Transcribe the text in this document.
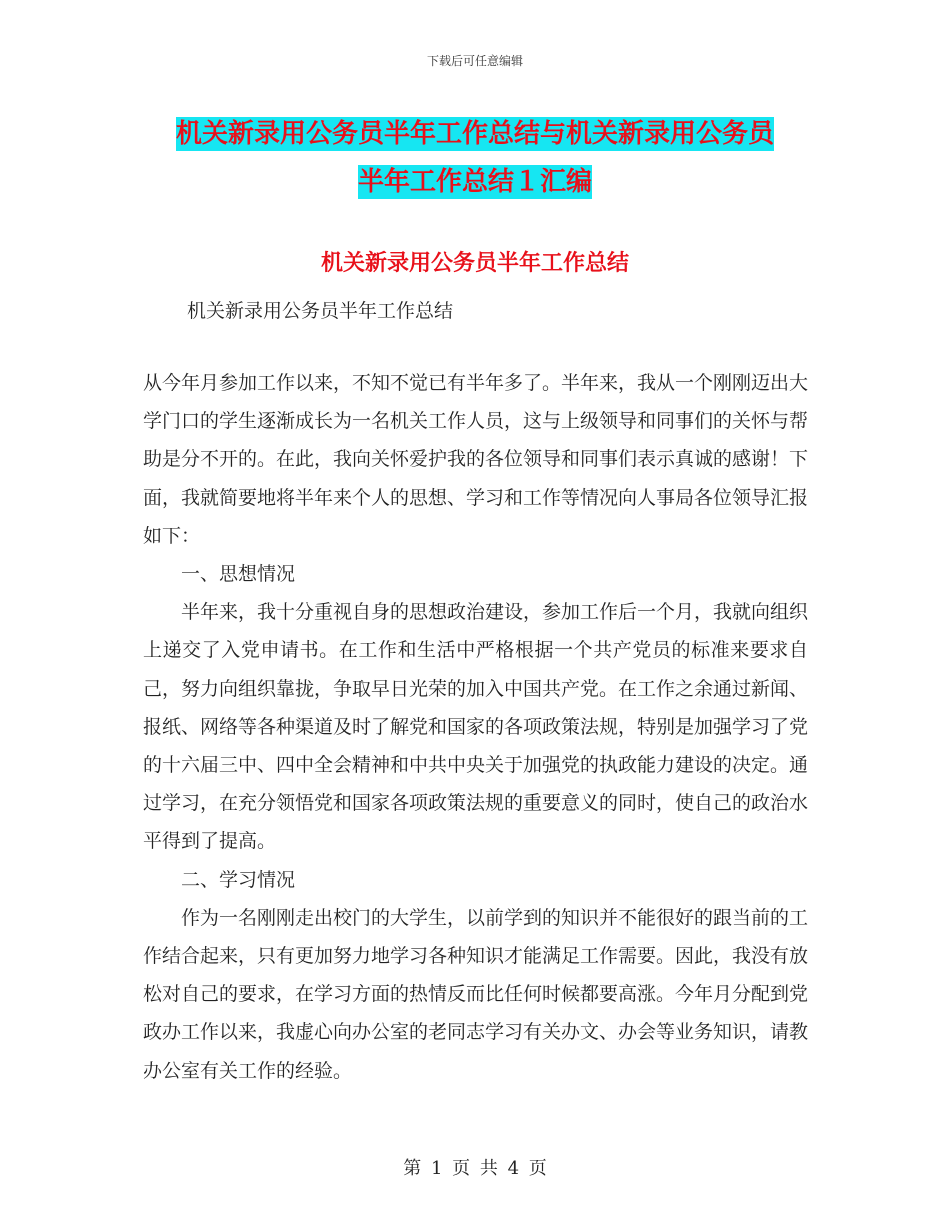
下载后可任意编辑
机关新录用公务员半年工作总结与机关新录用公务员
半年工作总结１汇编
机关新录用公务员半年工作总结
机关新录用公务员半年工作总结

从今年月参加工作以来，不知不觉已有半年多了。半年来，我从一个刚刚迈出大学门口的学生逐渐成长为一名机关工作人员，这与上级领导和同事们的关怀与帮助是分不开的。在此，我向关怀爱护我的各位领导和同事们表示真诚的感谢！下面，我就简要地将半年来个人的思想、学习和工作等情况向人事局各位领导汇报如下：

一、思想情况

半年来，我十分重视自身的思想政治建设，参加工作后一个月，我就向组织上递交了入党申请书。在工作和生活中严格根据一个共产党员的标准来要求自己，努力向组织靠拢，争取早日光荣的加入中国共产党。在工作之余通过新闻、报纸、网络等各种渠道及时了解党和国家的各项政策法规，特别是加强学习了党的十六届三中、四中全会精神和中共中央关于加强党的执政能力建设的决定。通过学习，在充分领悟党和国家各项政策法规的重要意义的同时，使自己的政治水平得到了提高。

二、学习情况

作为一名刚刚走出校门的大学生，以前学到的知识并不能很好的跟当前的工作结合起来，只有更加努力地学习各种知识才能满足工作需要。因此，我没有放松对自己的要求，在学习方面的热情反而比任何时候都要高涨。今年月分配到党政办工作以来，我虚心向办公室的老同志学习有关办文、办会等业务知识，请教办公室有关工作的经验。

第 1 页 共 4 页
